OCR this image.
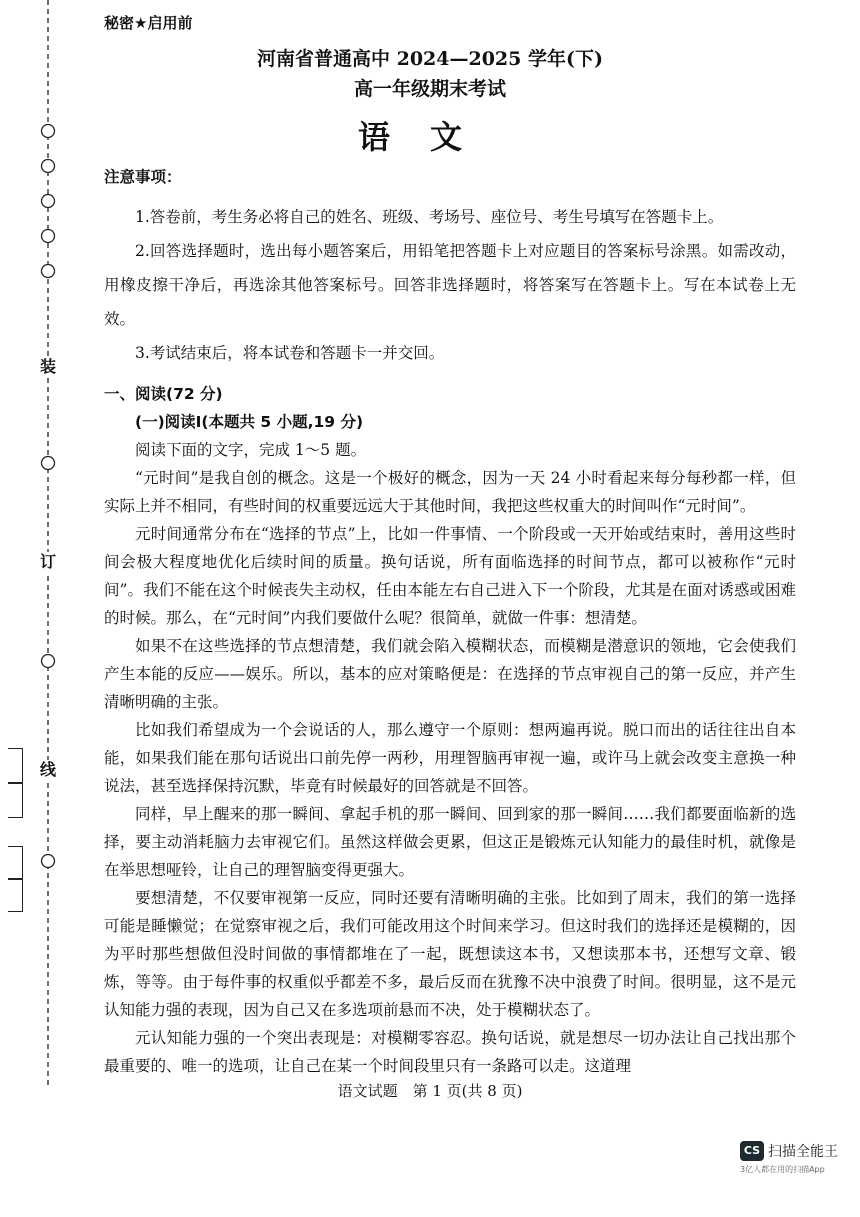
装
订
线
秘密★启用前
河南省普通高中 2024—2025 学年(下)
高一年级期末考试
语文

注意事项：

1.答卷前，考生务必将自己的姓名、班级、考场号、座位号、考生号填写在答题卡上。

2.回答选择题时，选出每小题答案后，用铅笔把答题卡上对应题目的答案标号涂黑。如需改动，用橡皮擦干净后，再选涂其他答案标号。回答非选择题时，将答案写在答题卡上。写在本试卷上无效。

3.考试结束后，将本试卷和答题卡一并交回。

一、阅读(72 分)

(一)阅读Ⅰ(本题共 5 小题,19 分)

阅读下面的文字，完成 1～5 题。

“元时间”是我自创的概念。这是一个极好的概念，因为一天 24 小时看起来每分每秒都一样，但实际上并不相同，有些时间的权重要远远大于其他时间，我把这些权重大的时间叫作“元时间”。

元时间通常分布在“选择的节点”上，比如一件事情、一个阶段或一天开始或结束时，善用这些时间会极大程度地优化后续时间的质量。换句话说，所有面临选择的时间节点，都可以被称作“元时间”。我们不能在这个时候丧失主动权，任由本能左右自己进入下一个阶段，尤其是在面对诱惑或困难的时候。那么，在“元时间”内我们要做什么呢？很简单，就做一件事：想清楚。

如果不在这些选择的节点想清楚，我们就会陷入模糊状态，而模糊是潜意识的领地，它会使我们产生本能的反应——娱乐。所以，基本的应对策略便是：在选择的节点审视自己的第一反应，并产生清晰明确的主张。

比如我们希望成为一个会说话的人，那么遵守一个原则：想两遍再说。脱口而出的话往往出自本能，如果我们能在那句话说出口前先停一两秒，用理智脑再审视一遍，或许马上就会改变主意换一种说法，甚至选择保持沉默，毕竟有时候最好的回答就是不回答。

同样，早上醒来的那一瞬间、拿起手机的那一瞬间、回到家的那一瞬间……我们都要面临新的选择，要主动消耗脑力去审视它们。虽然这样做会更累，但这正是锻炼元认知能力的最佳时机，就像是在举思想哑铃，让自己的理智脑变得更强大。

要想清楚，不仅要审视第一反应，同时还要有清晰明确的主张。比如到了周末，我们的第一选择可能是睡懒觉；在觉察审视之后，我们可能改用这个时间来学习。但这时我们的选择还是模糊的，因为平时那些想做但没时间做的事情都堆在了一起，既想读这本书，又想读那本书，还想写文章、锻炼，等等。由于每件事的权重似乎都差不多，最后反而在犹豫不决中浪费了时间。很明显，这不是元认知能力强的表现，因为自己又在多选项前悬而不决，处于模糊状态了。

元认知能力强的一个突出表现是：对模糊零容忍。换句话说，就是想尽一切办法让自己找出那个最重要的、唯一的选项，让自己在某一个时间段里只有一条路可以走。这道理

语文试题　第 1 页(共 8 页)
CS 扫描全能王
3亿人都在用的扫描App
